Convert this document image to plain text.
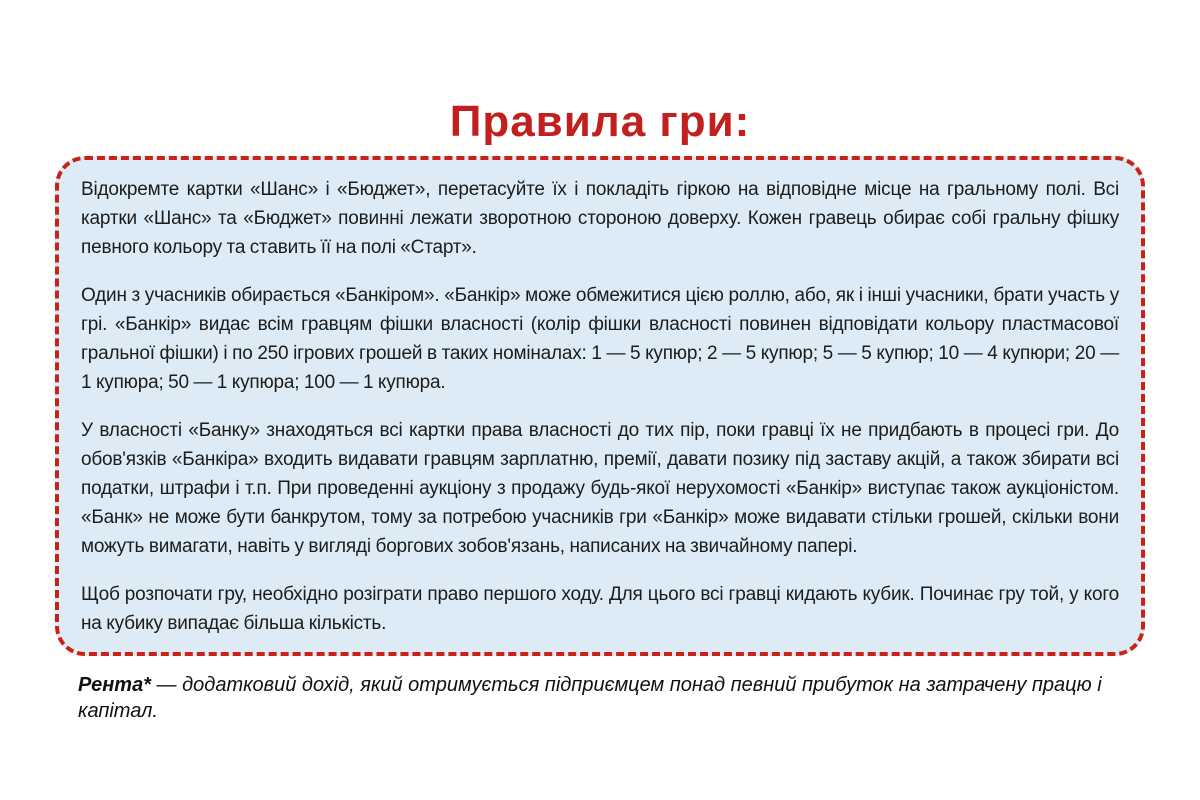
Правила гри:

Відокремте картки «Шанс» і «Бюджет», перетасуйте їх і покладіть гіркою на відповідне місце на гральному полі. Всі картки «Шанс» та «Бюджет» повинні лежати зворотною стороною доверху. Кожен гравець обирає собі гральну фішку певного кольору та ставить її на полі «Старт».

Один з учасників обирається «Банкіром». «Банкір» може обмежитися цією роллю, або, як і інші учасники, брати участь у грі. «Банкір» видає всім гравцям фішки власності (колір фішки власності повинен відповідати кольору пластмасової гральної фішки) і по 250 ігрових грошей в таких номіналах: 1 — 5 купюр; 2 — 5 купюр; 5 — 5 купюр; 10 — 4 купюри; 20 — 1 купюра; 50 — 1 купюра; 100 — 1 купюра.

У власності «Банку» знаходяться всі картки права власності до тих пір, поки гравці їх не придбають в процесі гри. До обов'язків «Банкіра» входить видавати гравцям зарплатню, премії, давати позику під заставу акцій, а також збирати всі податки, штрафи і т.п. При проведенні аукціону з продажу будь-якої нерухомості «Банкір» виступає також аукціоністом. «Банк» не може бути банкрутом, тому за потребою учасників гри «Банкір» може видавати стільки грошей, скільки вони можуть вимагати, навіть у вигляді боргових зобов'язань, написаних на звичайному папері.

Щоб розпочати гру, необхідно розіграти право першого ходу. Для цього всі гравці кидають кубик. Починає гру той, у кого на кубику випадає більша кількість.

Рента* — додатковий дохід, який отримується підприємцем понад певний прибуток на затрачену працю і капітал.
